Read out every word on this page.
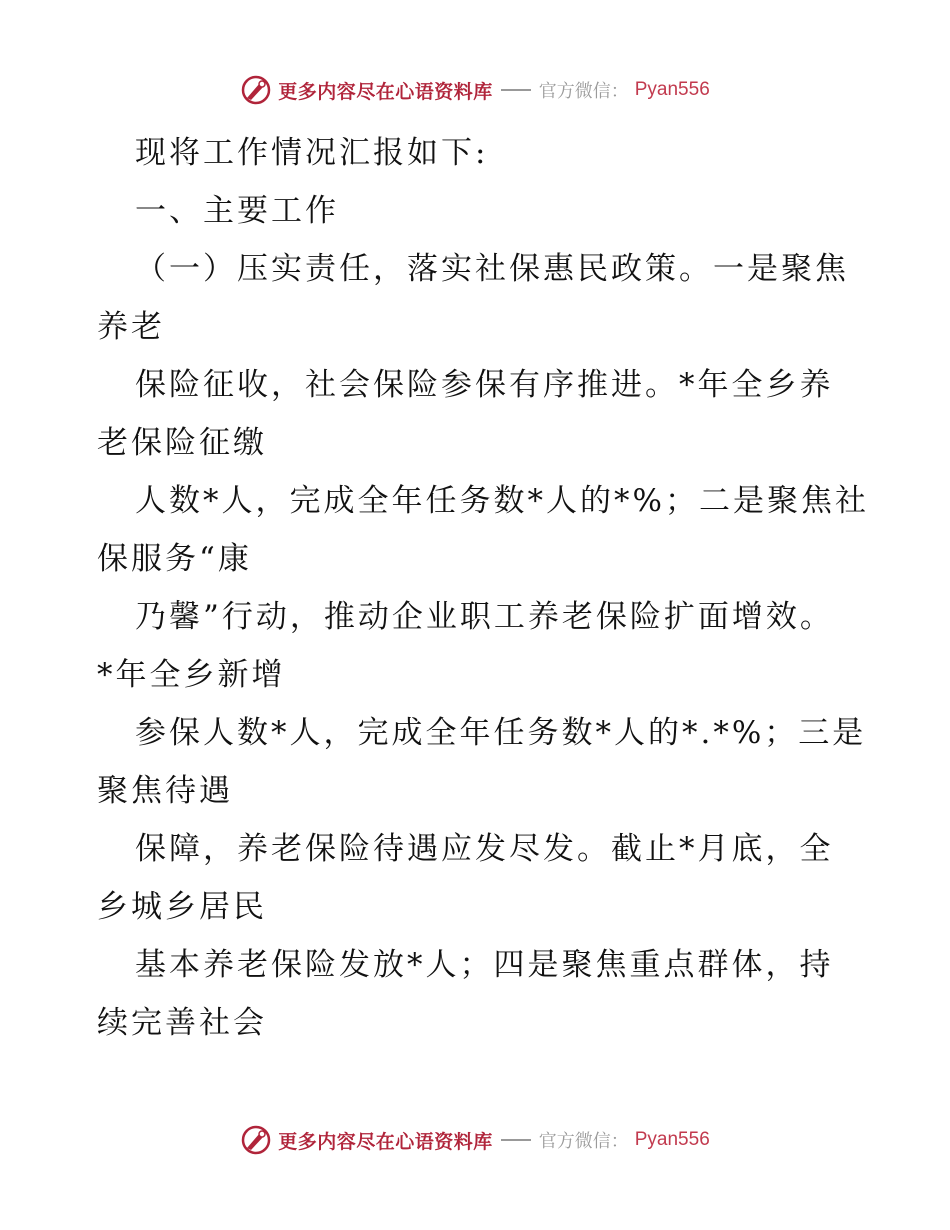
更多内容尽在心语资料库	官方微信： Pyan556
现将工作情况汇报如下:
一、主要工作
（一）压实责任，落实社保惠民政策。一是聚焦
养老
保险征收，社会保险参保有序推进。*年全乡养
老保险征缴
人数*人，完成全年任务数*人的*%；二是聚焦社
保服务“康
乃馨”行动，推动企业职工养老保险扩面增效。
*年全乡新增
参保人数*人，完成全年任务数*人的*.*%；三是
聚焦待遇
保障，养老保险待遇应发尽发。截止*月底，全
乡城乡居民
基本养老保险发放*人；四是聚焦重点群体，持
续完善社会
更多内容尽在心语资料库	官方微信： Pyan556
